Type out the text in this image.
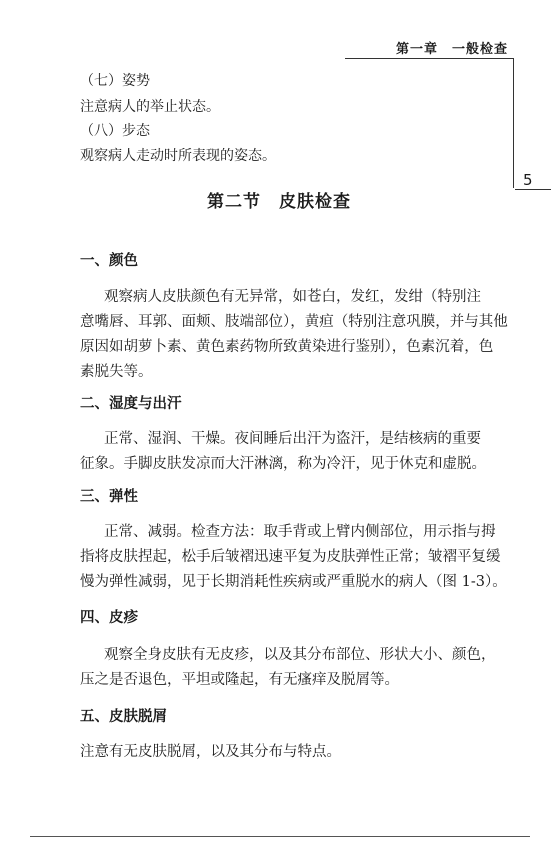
第一章　一般检查
5
（七）姿势
注意病人的举止状态。
（八）步态
观察病人走动时所表现的姿态。
第二节　皮肤检查
一、颜色
观察病人皮肤颜色有无异常，如苍白，发红，发绀（特别注
意嘴唇、耳郭、面颊、肢端部位），黄疸（特别注意巩膜，并与其他
原因如胡萝卜素、黄色素药物所致黄染进行鉴别），色素沉着，色
素脱失等。
二、湿度与出汗
正常、湿润、干燥。夜间睡后出汗为盗汗，是结核病的重要
征象。手脚皮肤发凉而大汗淋漓，称为冷汗，见于休克和虚脱。
三、弹性
正常、减弱。检查方法：取手背或上臂内侧部位，用示指与拇
指将皮肤捏起，松手后皱褶迅速平复为皮肤弹性正常；皱褶平复缓
慢为弹性减弱，见于长期消耗性疾病或严重脱水的病人（图 1-3）。
四、皮疹
观察全身皮肤有无皮疹，以及其分布部位、形状大小、颜色，
压之是否退色，平坦或隆起，有无瘙痒及脱屑等。
五、皮肤脱屑
注意有无皮肤脱屑，以及其分布与特点。
